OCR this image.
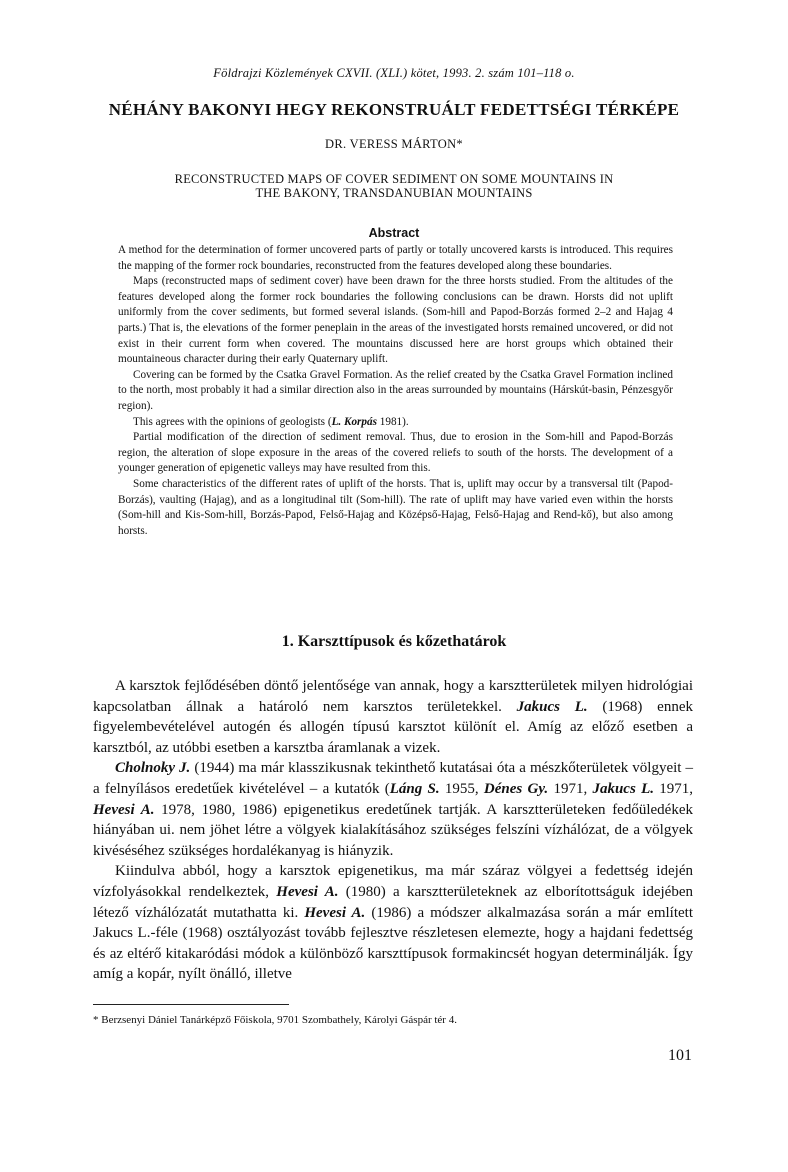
Földrajzi Közlemények CXVII. (XLI.) kötet, 1993. 2. szám 101–118 o.
NÉHÁNY BAKONYI HEGY REKONSTRUÁLT FEDETTSÉGI TÉRKÉPE
DR. VERESS MÁRTON*
RECONSTRUCTED MAPS OF COVER SEDIMENT ON SOME MOUNTAINS IN
THE BAKONY, TRANSDANUBIAN MOUNTAINS
Abstract

A method for the determination of former uncovered parts of partly or totally uncovered karsts is introduced. This requires the mapping of the former rock boundaries, reconstructed from the features developed along these boundaries.

Maps (reconstructed maps of sediment cover) have been drawn for the three horsts studied. From the altitudes of the features developed along the former rock boundaries the following conclusions can be drawn. Horsts did not uplift uniformly from the cover sediments, but formed several islands. (Som-hill and Papod-Borzás formed 2–2 and Hajag 4 parts.) That is, the elevations of the former peneplain in the areas of the investigated horsts remained uncovered, or did not exist in their current form when covered. The mountains discussed here are horst groups which obtained their mountaineous character during their early Quaternary uplift.

Covering can be formed by the Csatka Gravel Formation. As the relief created by the Csatka Gravel Formation inclined to the north, most probably it had a similar direction also in the areas surrounded by mountains (Hárskút-basin, Pénzesgyőr region).

This agrees with the opinions of geologists (L. Korpás 1981).

Partial modification of the direction of sediment removal. Thus, due to erosion in the Som-hill and Papod-Borzás region, the alteration of slope exposure in the areas of the covered reliefs to south of the horsts. The development of a younger generation of epigenetic valleys may have resulted from this.

Some characteristics of the different rates of uplift of the horsts. That is, uplift may occur by a transversal tilt (Papod-Borzás), vaulting (Hajag), and as a longitudinal tilt (Som-hill). The rate of uplift may have varied even within the horsts (Som-hill and Kis-Som-hill, Borzás-Papod, Felső-Hajag and Középső-Hajag, Felső-Hajag and Rend-kő), but also among horsts.

1. Karszttípusok és kőzethatárok

A karsztok fejlődésében döntő jelentősége van annak, hogy a karsztterületek milyen hidrológiai kapcsolatban állnak a határoló nem karsztos területekkel. Jakucs L. (1968) ennek figyelembevételével autogén és allogén típusú karsztot különít el. Amíg az előző esetben a karsztból, az utóbbi esetben a karsztba áramlanak a vizek.

Cholnoky J. (1944) ma már klasszikusnak tekinthető kutatásai óta a mészkőterületek völgyeit – a felnyílásos eredetűek kivételével – a kutatók (Láng S. 1955, Dénes Gy. 1971, Jakucs L. 1971, Hevesi A. 1978, 1980, 1986) epigenetikus eredetűnek tartják. A karsztterületeken fedőüledékek hiányában ui. nem jöhet létre a völgyek kialakításához szükséges felszíni vízhálózat, de a völgyek kivéséséhez szükséges hordalékanyag is hiányzik.

Kiindulva abból, hogy a karsztok epigenetikus, ma már száraz völgyei a fedettség idején vízfolyásokkal rendelkeztek, Hevesi A. (1980) a karsztterületeknek az elborítottságuk idejében létező vízhálózatát mutathatta ki. Hevesi A. (1986) a módszer alkalmazása során a már említett Jakucs L.-féle (1968) osztályozást tovább fejlesztve részletesen elemezte, hogy a hajdani fedettség és az eltérő kitakaródási módok a különböző karszttípusok formakincsét hogyan determinálják. Így amíg a kopár, nyílt önálló, illetve

* Berzsenyi Dániel Tanárképző Főiskola, 9701 Szombathely, Károlyi Gáspár tér 4.
101
